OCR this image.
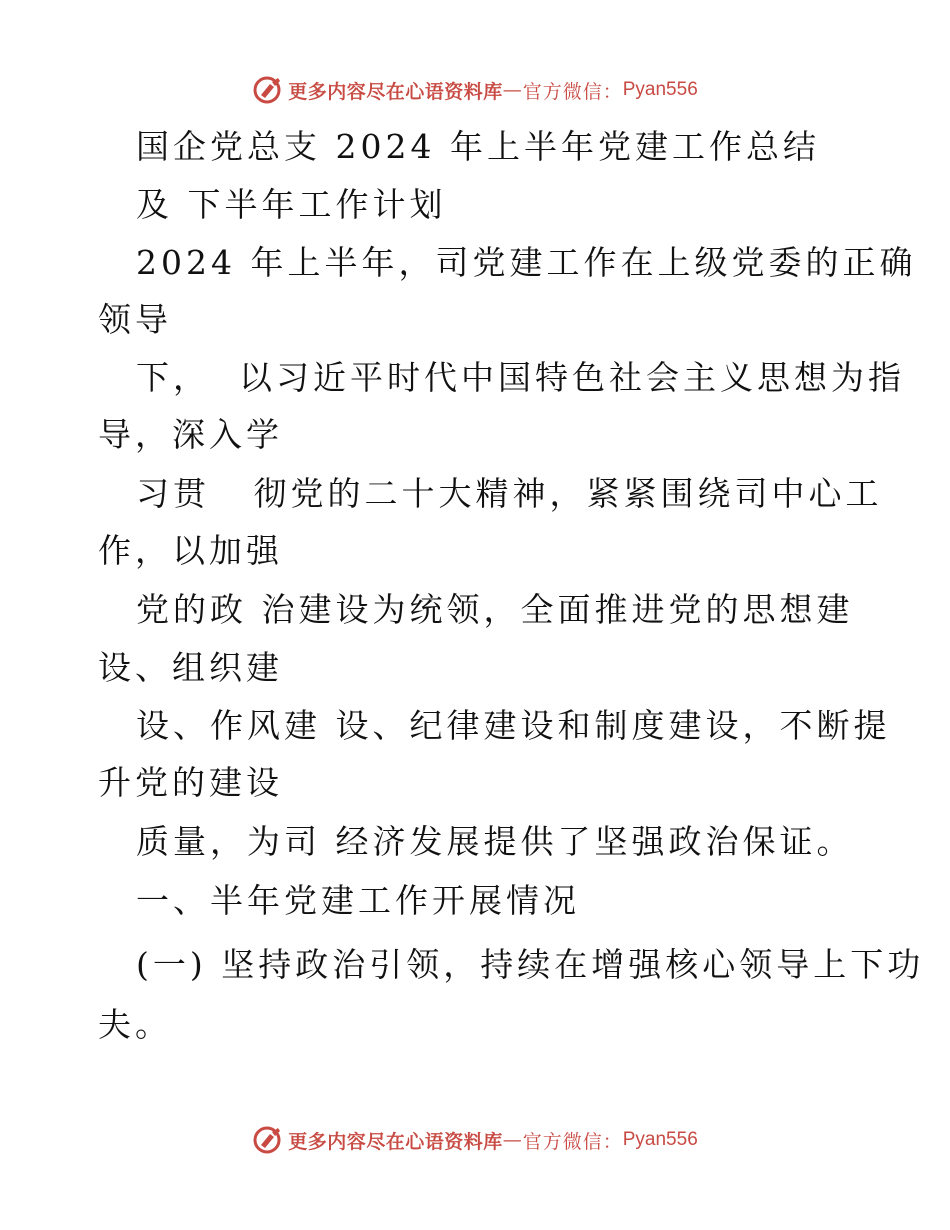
更多内容尽在心语资料库 — 官方微信： Pyan556
国企党总支 2024 年上半年党建工作总结
及 下半年工作计划
2024 年上半年，司党建工作在上级党委的正确
领导
下，  以习近平时代中国特色社会主义思想为指
导，深入学
习贯   彻党的二十大精神，紧紧围绕司中心工
作，以加强
党的政 治建设为统领，全面推进党的思想建
设、组织建
设、作风建 设、纪律建设和制度建设，不断提
升党的建设
质量，为司 经济发展提供了坚强政治保证。
一、半年党建工作开展情况
(一) 坚持政治引领，持续在增强核心领导上下功
夫。
更多内容尽在心语资料库 — 官方微信： Pyan556
